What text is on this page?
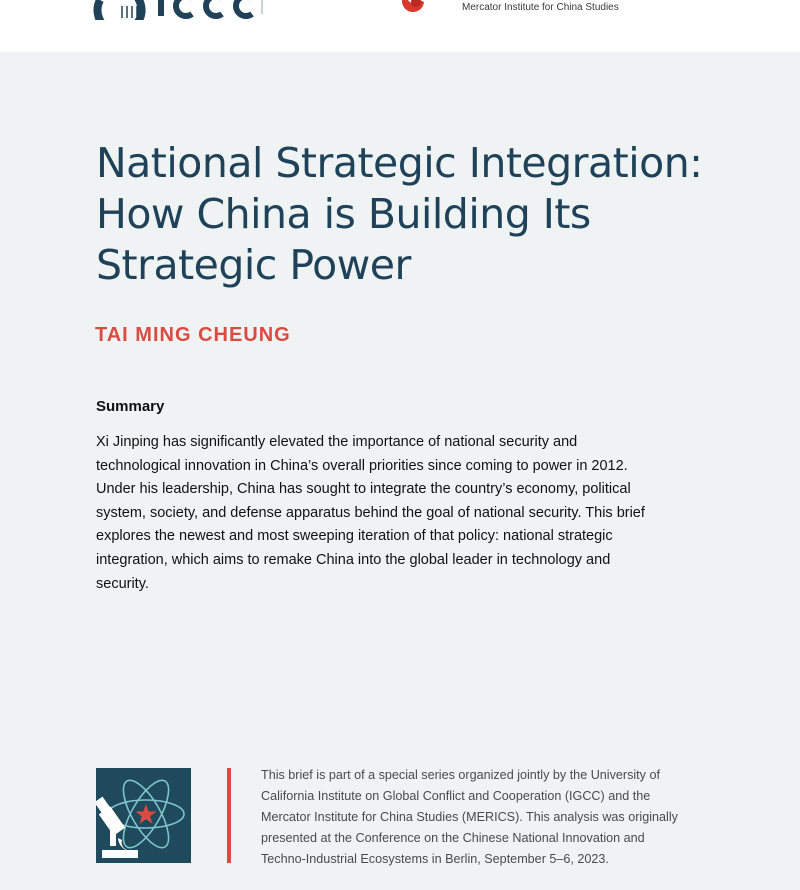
Mercator Institute for China Studies
National Strategic Integration:
How China is Building Its
Strategic Power

TAI MING CHEUNG

Summary

Xi Jinping has significantly elevated the importance of national security and technological innovation in China’s overall priorities since coming to power in 2012. Under his leadership, China has sought to integrate the country’s economy, political system, society, and defense apparatus behind the goal of national security. This brief explores the newest and most sweeping iteration of that policy: national strategic integration, which aims to remake China into the global leader in technology and security.

This brief is part of a special series organized jointly by the University of California Institute on Global Conflict and Cooperation (IGCC) and the Mercator Institute for China Studies (MERICS). This analysis was originally presented at the Conference on the Chinese National Innovation and Techno-Industrial Ecosystems in Berlin, September 5–6, 2023.
